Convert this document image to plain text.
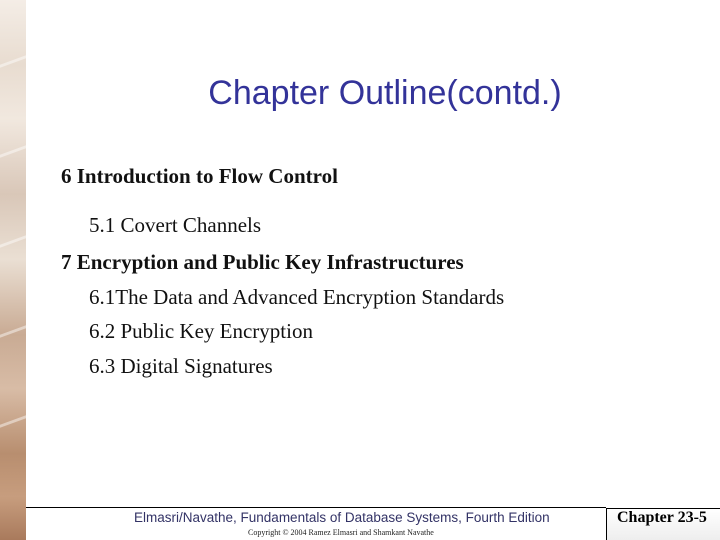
Chapter Outline(contd.)
6 Introduction to Flow Control
5.1 Covert Channels
7 Encryption and Public Key Infrastructures
6.1The Data and Advanced Encryption Standards
6.2 Public Key Encryption
6.3 Digital Signatures
Elmasri/Navathe, Fundamentals of Database Systems, Fourth Edition
Copyright © 2004 Ramez Elmasri and Shamkant Navathe
Chapter 23-5
